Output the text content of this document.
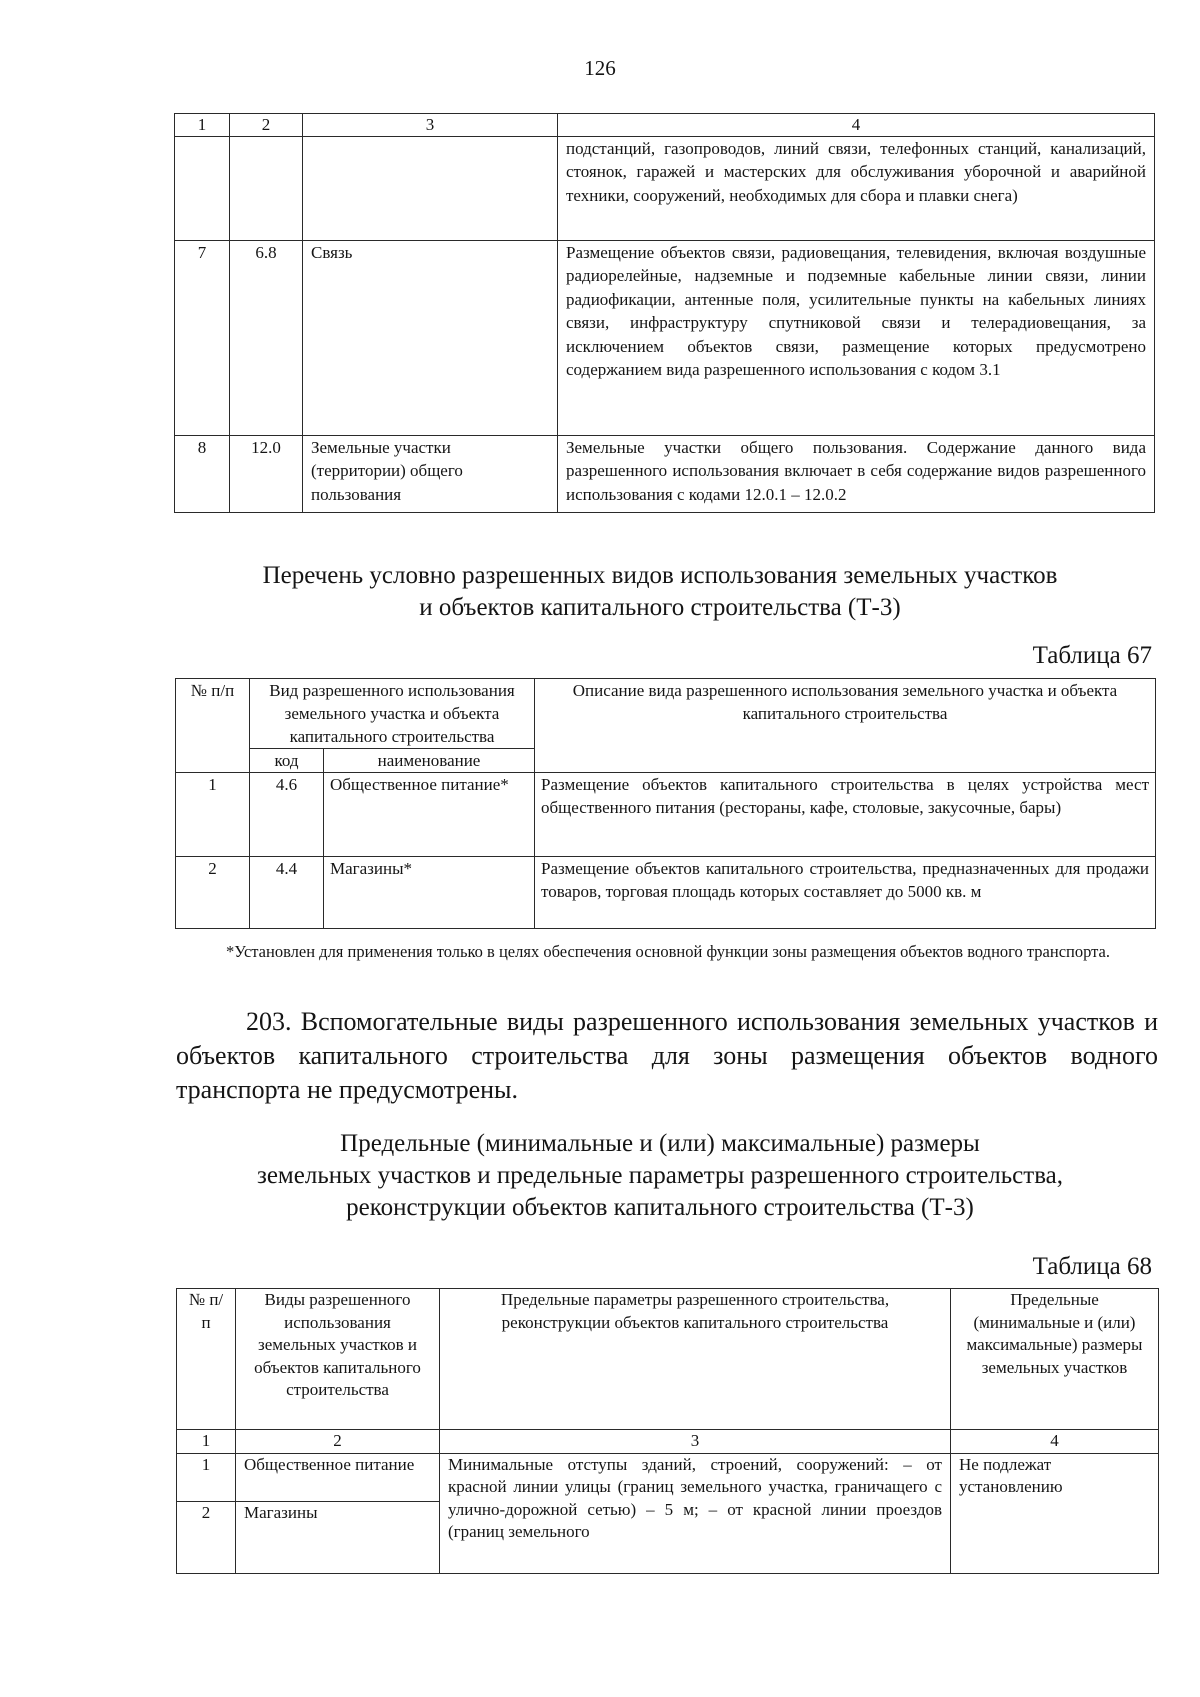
126
1	2	3	4
			подстанций, газопроводов, линий связи, телефонных станций, канализаций, стоянок, гаражей и мастерских для обслуживания уборочной и аварийной техники, сооружений, необходимых для сбора и плавки снега)
7	6.8	Связь	Размещение объектов связи, радиовещания, телевидения, включая воздушные радиорелейные, надземные и подземные кабельные линии связи, линии радиофикации, антенные поля, усилительные пункты на кабельных линиях связи, инфраструктуру спутниковой связи и телерадиовещания, за исключением объектов связи, размещение которых предусмотрено содержанием вида разрешенного использования с кодом 3.1
8	12.0	Земельные участки (территории) общего пользования	Земельные участки общего пользования. Содержание данного вида разрешенного использования включает в себя содержание видов разрешенного использования с кодами 12.0.1 – 12.0.2
Перечень условно разрешенных видов использования земельных участков
и объектов капитального строительства (Т-3)
Таблица 67
№ п/п	Вид разрешенного использования земельного участка и объекта капитального строительства		Описание вида разрешенного использования земельного участка и объекта капитального строительства
	код	наименование	
1	4.6	Общественное питание*	Размещение объектов капитального строительства в целях устройства мест общественного питания (рестораны, кафе, столовые, закусочные, бары)
2	4.4	Магазины*	Размещение объектов капитального строительства, предназначенных для продажи товаров, торговая площадь которых составляет до 5000 кв. м
*Установлен для применения только в целях обеспечения основной функции зоны размещения объектов водного транспорта.
203. Вспомогательные виды разрешенного использования земельных участков и объектов капитального строительства для зоны размещения объектов водного транспорта не предусмотрены.
Предельные (минимальные и (или) максимальные) размеры
земельных участков и предельные параметры разрешенного строительства,
реконструкции объектов капитального строительства (Т-3)
Таблица 68
№ п/п	Виды разрешенного использования земельных участков и объектов капитального строительства	Предельные параметры разрешенного строительства, реконструкции объектов капитального строительства	Предельные (минимальные и (или) максимальные) размеры земельных участков
1	2	3	4
1	Общественное питание	Минимальные отступы зданий, строений, сооружений: – от красной линии улицы (границ земельного участка, граничащего с улично-дорожной сетью) – 5 м; – от красной линии проездов (границ земельного	Не подлежат установлению
2	Магазины		
